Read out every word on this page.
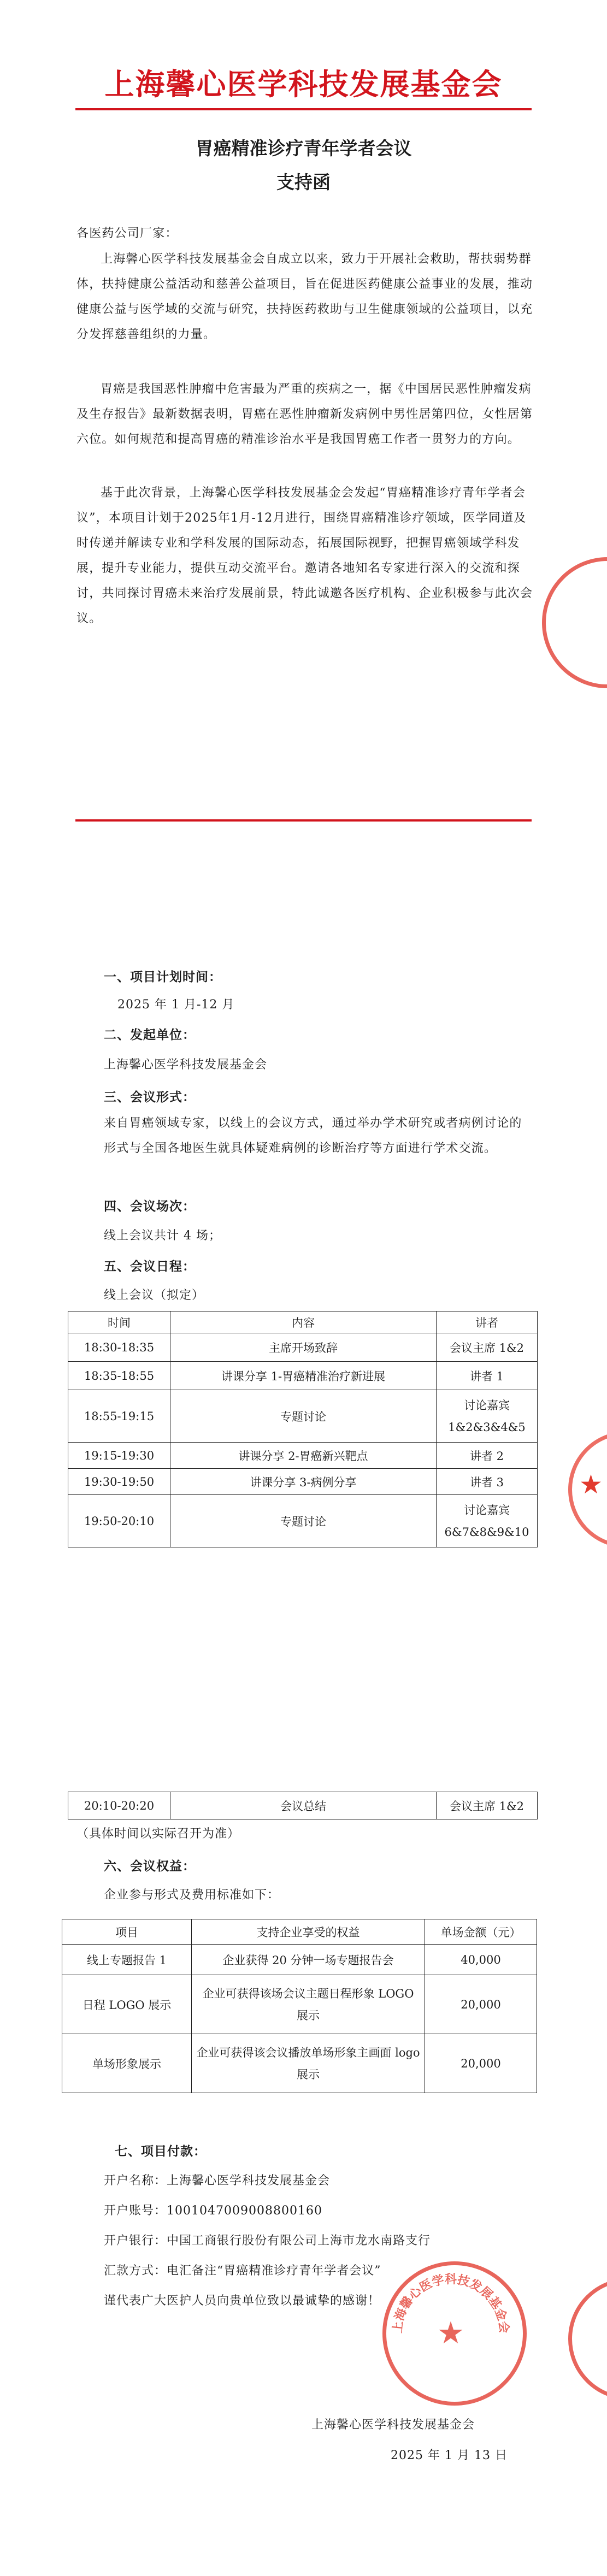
上海馨心医学科技发展基金会
胃癌精准诊疗青年学者会议
支持函
各医药公司厂家：
上海馨心医学科技发展基金会自成立以来，致力于开展社会救助，帮扶弱势群体，扶持健康公益活动和慈善公益项目，旨在促进医药健康公益事业的发展，推动健康公益与医学域的交流与研究，扶持医药救助与卫生健康领域的公益项目，以充分发挥慈善组织的力量。
胃癌是我国恶性肿瘤中危害最为严重的疾病之一，据《中国居民恶性肿瘤发病及生存报告》最新数据表明，胃癌在恶性肿瘤新发病例中男性居第四位，女性居第六位。如何规范和提高胃癌的精准诊治水平是我国胃癌工作者一贯努力的方向。
基于此次背景，上海馨心医学科技发展基金会发起“胃癌精准诊疗青年学者会议”，本项目计划于2025年1月-12月进行，围绕胃癌精准诊疗领域，医学同道及时传递并解读专业和学科发展的国际动态，拓展国际视野，把握胃癌领域学科发展，提升专业能力，提供互动交流平台。邀请各地知名专家进行深入的交流和探讨，共同探讨胃癌未来治疗发展前景，特此诚邀各医疗机构、企业积极参与此次会议。
一、项目计划时间：
2025 年 1 月-12 月
二、发起单位：
上海馨心医学科技发展基金会
三、会议形式：
来自胃癌领域专家，以线上的会议方式，通过举办学术研究或者病例讨论的形式与全国各地医生就具体疑难病例的诊断治疗等方面进行学术交流。
四、会议场次：
线上会议共计 4 场；
五、会议日程：
线上会议（拟定）
时间	内容	讲者
18:30-18:35	主席开场致辞	会议主席 1&2
18:35-18:55	讲课分享 1-胃癌精准治疗新进展	讲者 1
18:55-19:15	专题讨论	讨论嘉宾 1&2&3&4&5
19:15-19:30	讲课分享 2-胃癌新兴靶点	讲者 2
19:30-19:50	讲课分享 3-病例分享	讲者 3
19:50-20:10	专题讨论	讨论嘉宾 6&7&8&9&10
★
20:10-20:20	会议总结	会议主席 1&2
（具体时间以实际召开为准）
六、会议权益：
企业参与形式及费用标准如下：
项目	支持企业享受的权益	单场金额（元）
线上专题报告 1	企业获得 20 分钟一场专题报告会	40,000
日程 LOGO 展示	企业可获得该场会议主题日程形象 LOGO 展示	20,000
单场形象展示	企业可获得该会议播放单场形象主画面 logo 展示	20,000
七、项目付款：
开户名称：上海馨心医学科技发展基金会
开户账号：1001047009008800160
开户银行：中国工商银行股份有限公司上海市龙水南路支行
汇款方式：电汇备注“胃癌精准诊疗青年学者会议”
谨代表广大医护人员向贵单位致以最诚挚的感谢！
上海馨心医学科技发展基金会
2025 年 1 月 13 日
上海馨心医学科技发展基金会
★
